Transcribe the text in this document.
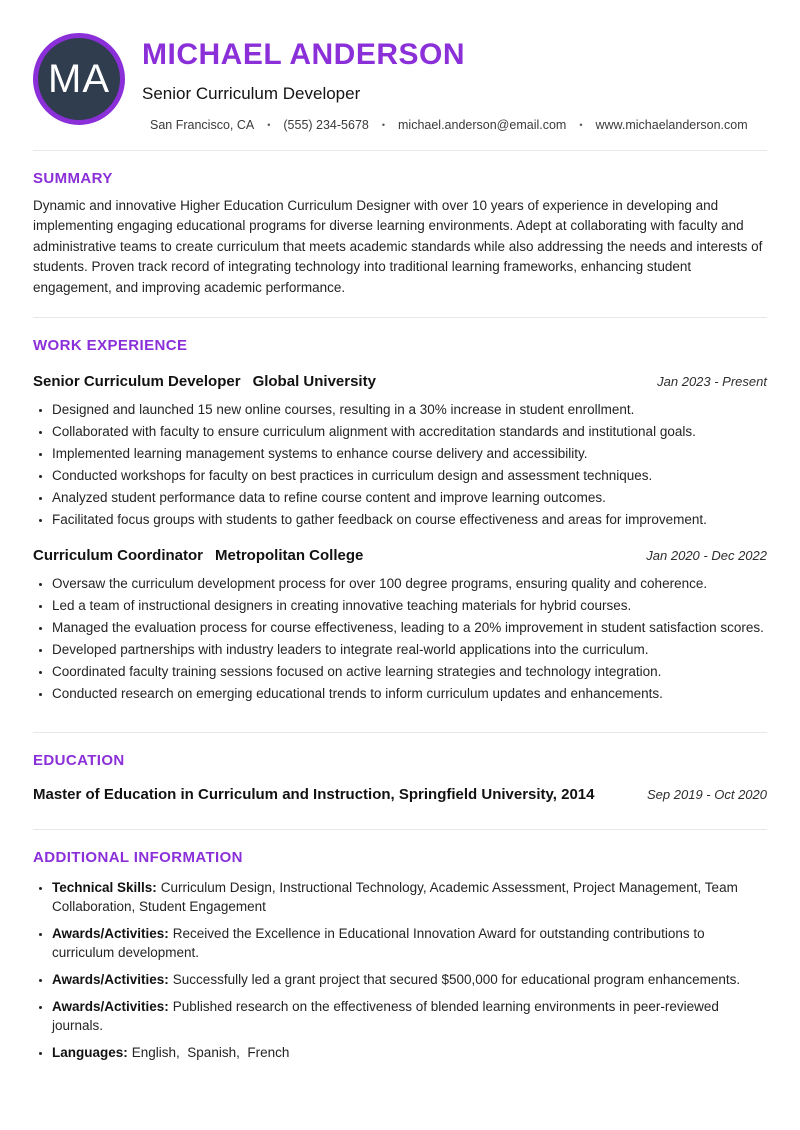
MA
MICHAEL ANDERSON
Senior Curriculum Developer
San Francisco, CA • (555) 234-5678 • michael.anderson@email.com • www.michaelanderson.com
SUMMARY

Dynamic and innovative Higher Education Curriculum Designer with over 10 years of experience in developing and implementing engaging educational programs for diverse learning environments. Adept at collaborating with faculty and administrative teams to create curriculum that meets academic standards while also addressing the needs and interests of students. Proven track record of integrating technology into traditional learning frameworks, enhancing student engagement, and improving academic performance.

WORK EXPERIENCE
Senior Curriculum Developer Global University	Jan 2023 - Present
• Designed and launched 15 new online courses, resulting in a 30% increase in student enrollment.
• Collaborated with faculty to ensure curriculum alignment with accreditation standards and institutional goals.
• Implemented learning management systems to enhance course delivery and accessibility.
• Conducted workshops for faculty on best practices in curriculum design and assessment techniques.
• Analyzed student performance data to refine course content and improve learning outcomes.
• Facilitated focus groups with students to gather feedback on course effectiveness and areas for improvement.
Curriculum Coordinator Metropolitan College	Jan 2020 - Dec 2022
• Oversaw the curriculum development process for over 100 degree programs, ensuring quality and coherence.
• Led a team of instructional designers in creating innovative teaching materials for hybrid courses.
• Managed the evaluation process for course effectiveness, leading to a 20% improvement in student satisfaction scores.
• Developed partnerships with industry leaders to integrate real-world applications into the curriculum.
• Coordinated faculty training sessions focused on active learning strategies and technology integration.
• Conducted research on emerging educational trends to inform curriculum updates and enhancements.
EDUCATION
Master of Education in Curriculum and Instruction, Springfield University, 2014	Sep 2019 - Oct 2020
ADDITIONAL INFORMATION
• Technical Skills: Curriculum Design, Instructional Technology, Academic Assessment, Project Management, Team Collaboration, Student Engagement
• Awards/Activities: Received the Excellence in Educational Innovation Award for outstanding contributions to curriculum development.
• Awards/Activities: Successfully led a grant project that secured $500,000 for educational program enhancements.
• Awards/Activities: Published research on the effectiveness of blended learning environments in peer-reviewed journals.
• Languages: English,  Spanish,  French
